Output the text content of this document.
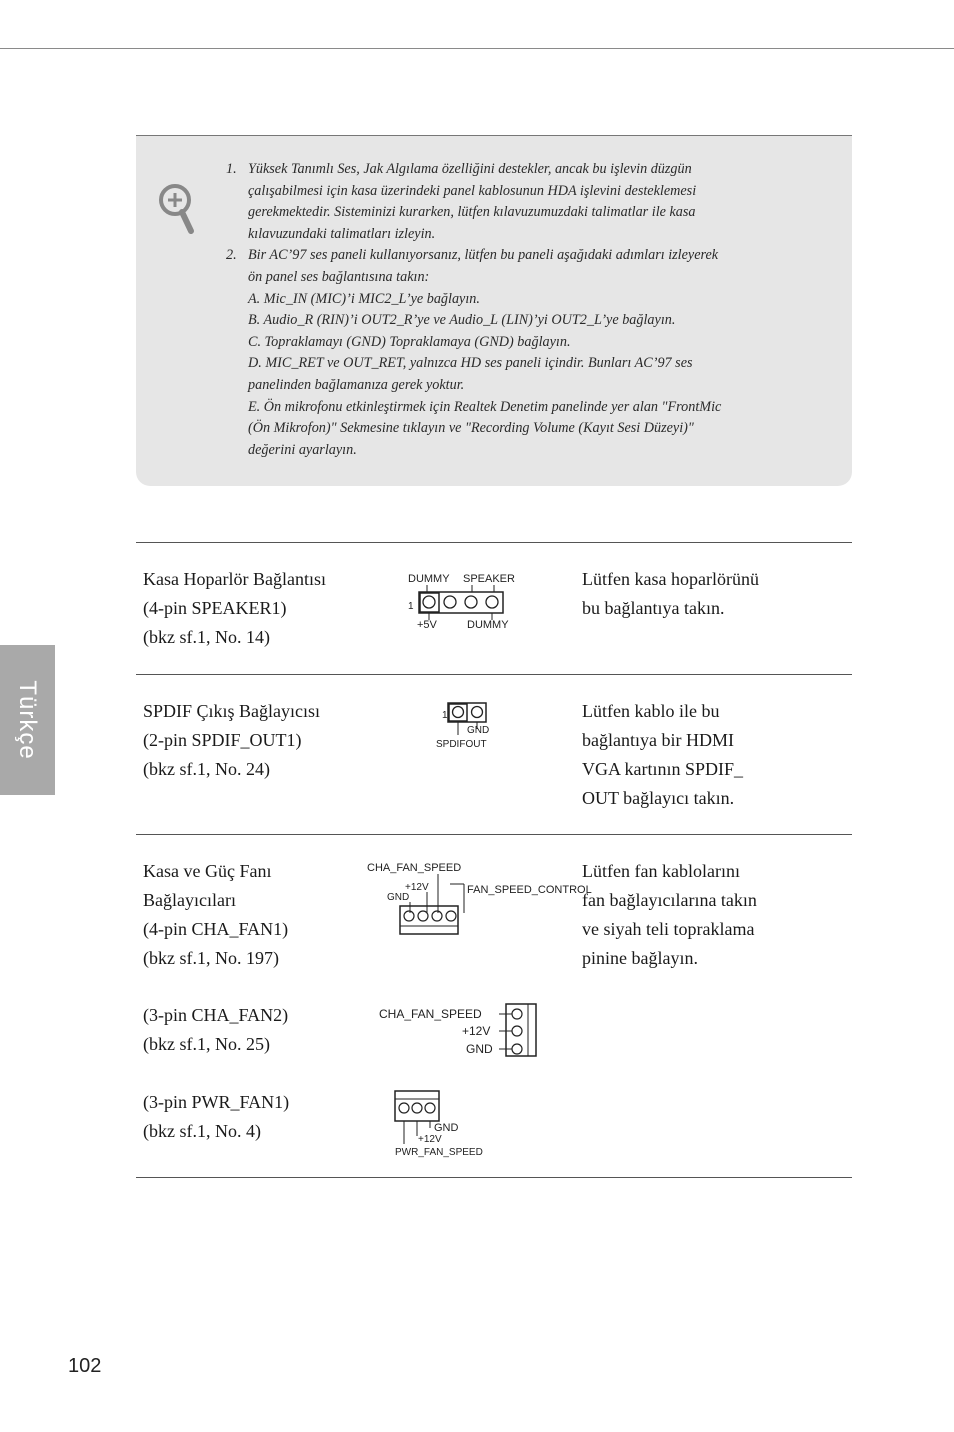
1. Yüksek Tanımlı Ses, Jak Algılama özelliğini destekler, ancak bu işlevin düzgün
çalışabilmesi için kasa üzerindeki panel kablosunun HDA işlevini desteklemesi
gerekmektedir. Sisteminizi kurarken, lütfen kılavuzumuzdaki talimatlar ile kasa
kılavuzundaki talimatları izleyin.
2. Bir AC’97 ses paneli kullanıyorsanız, lütfen bu paneli aşağıdaki adımları izleyerek
ön panel ses bağlantısına takın:
A. Mic_IN (MIC)’i MIC2_L’ye bağlayın.
B. Audio_R (RIN)’i OUT2_R’ye ve Audio_L (LIN)’yi OUT2_L’ye bağlayın.
C. Topraklamayı (GND) Topraklamaya (GND) bağlayın.
D. MIC_RET ve OUT_RET, yalnızca HD ses paneli içindir. Bunları AC’97 ses
panelinden bağlamanıza gerek yoktur.
E. Ön mikrofonu etkinleştirmek için Realtek Denetim panelinde yer alan "FrontMic
(Ön Mikrofon)" Sekmesine tıklayın ve "Recording Volume (Kayıt Sesi Düzeyi)"
değerini ayarlayın.
Kasa Hoparlör Bağlantısı
(4-pin SPEAKER1)
(bkz sf.1, No. 14)
DUMMY SPEAKER
1
+5V	DUMMY
Lütfen kasa hoparlörünü
bu bağlantıya takın.
SPDIF Çıkış Bağlayıcısı
(2-pin SPDIF_OUT1)
(bkz sf.1, No. 24)
1
GND
SPDIFOUT
Lütfen kablo ile bu
bağlantıya bir HDMI
VGA kartının SPDIF_
OUT bağlayıcı takın.
Kasa ve Güç Fanı
Bağlayıcıları
(4-pin CHA_FAN1)
(bkz sf.1, No. 197)
(3-pin CHA_FAN2)
(bkz sf.1, No. 25)
(3-pin PWR_FAN1)
(bkz sf.1, No. 4)
CHA_FAN_SPEED
+12V	FAN_SPEED_CONTROL
GND
CHA_FAN_SPEED
+12V
GND
GND
+12V
PWR_FAN_SPEED
Lütfen fan kablolarını
fan bağlayıcılarına takın
ve siyah teli topraklama
pinine bağlayın.
Türkçe
102
